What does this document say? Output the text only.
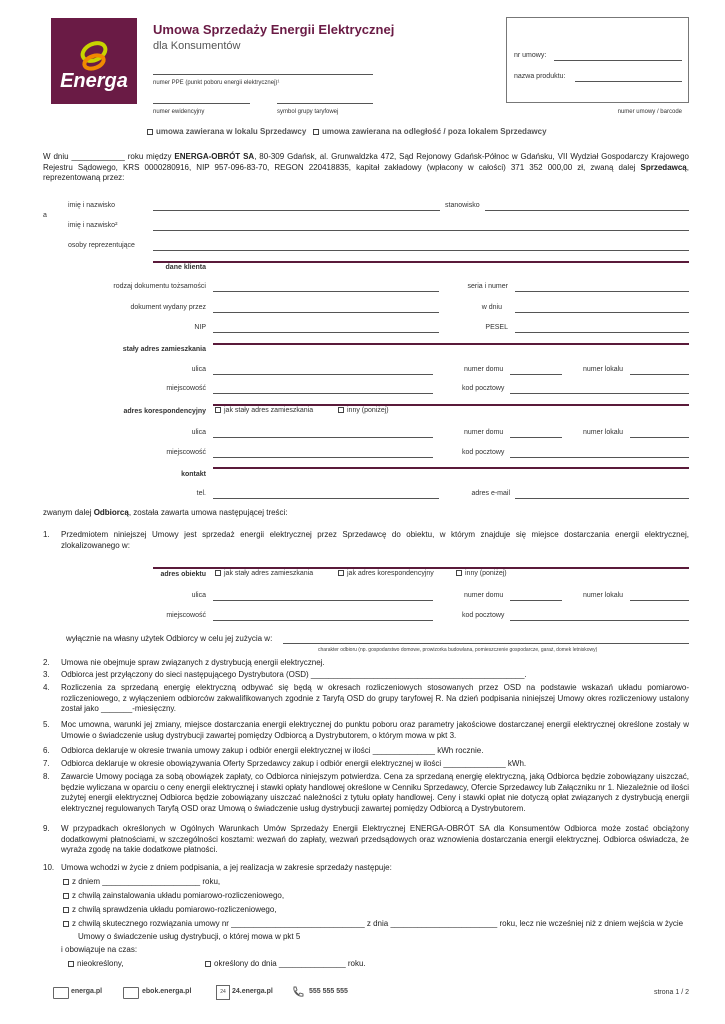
Energa
Umowa Sprzedaży Energii Elektrycznej
dla Konsumentów
numer PPE (punkt poboru energii elektrycznej)¹
numer ewidencyjny	symbol grupy taryfowej
nr umowy:
nazwa produktu:
numer umowy / barcode
umowa zawierana w lokalu Sprzedawcy	umowa zawierana na odległość / poza lokalem Sprzedawcy
W dniu ____________ roku między ENERGA-OBRÓT SA, 80-309 Gdańsk, al. Grunwaldzka 472, Sąd Rejonowy Gdańsk-Północ w Gdańsku, VII Wydział Gospodarczy Krajowego Rejestru Sądowego, KRS 0000280916, NIP 957-096-83-70, REGON 220418835, kapitał zakładowy (wpłacony w całości) 371 352 000,00 zł, zwaną dalej Sprzedawcą, reprezentowaną przez:
imię i nazwisko	stanowisko
a
imię i nazwisko²
osoby reprezentujące
dane klienta
rodzaj dokumentu tożsamości	seria i numer
dokument wydany przez	w dniu
NIP	PESEL
stały adres zamieszkania
ulica	numer domu	numer lokalu
miejscowość	kod pocztowy
adres korespondencyjny	jak stały adres zamieszkania	inny (poniżej)
ulica	numer domu	numer lokalu
miejscowość	kod pocztowy
kontakt
tel.	adres e-mail
zwanym dalej Odbiorcą, została zawarta umowa następującej treści:
1. Przedmiotem niniejszej Umowy jest sprzedaż energii elektrycznej przez Sprzedawcę do obiektu, w którym znajduje się miejsce dostarczania energii elektrycznej, zlokalizowanego w:
adres obiektu	jak stały adres zamieszkania	jak adres korespondencyjny	inny (poniżej)
ulica	numer domu	numer lokalu
miejscowość	kod pocztowy
wyłącznie na własny użytek Odbiorcy w celu jej zużycia w:
charakter odbioru (np. gospodarstwo domowe, prowizorka budowlana, pomieszczenie gospodarcze, garaż, domek letniskowy)
2. Umowa nie obejmuje spraw związanych z dystrybucją energii elektrycznej.
3. Odbiorca jest przyłączony do sieci następującego Dystrybutora (OSD) ________________________________________________.
4. Rozliczenia za sprzedaną energię elektryczną odbywać się będą w okresach rozliczeniowych stosowanych przez OSD na podstawie wskazań układu pomiarowo-rozliczeniowego, z wyłączeniem odbiorców zakwalifikowanych zgodnie z Taryfą OSD do grupy taryfowej R. Na dzień podpisania niniejszej Umowy okres rozliczeniowy ustalony został jako _______-miesięczny.
5. Moc umowna, warunki jej zmiany, miejsce dostarczania energii elektrycznej do punktu poboru oraz parametry jakościowe dostarczanej energii elektrycznej określone zostały w Umowie o świadczenie usług dystrybucji zawartej pomiędzy Odbiorcą a Dystrybutorem, o którym mowa w pkt 3.
6. Odbiorca deklaruje w okresie trwania umowy zakup i odbiór energii elektrycznej w ilości ______________ kWh rocznie.
7. Odbiorca deklaruje w okresie obowiązywania Oferty Sprzedawcy zakup i odbiór energii elektrycznej w ilości ______________ kWh.
8. Zawarcie Umowy pociąga za sobą obowiązek zapłaty, co Odbiorca niniejszym potwierdza. Cena za sprzedaną energię elektryczną, jaką Odbiorca będzie zobowiązany uiszczać, będzie wyliczana w oparciu o ceny energii elektrycznej i stawki opłaty handlowej określone w Cenniku Sprzedawcy, Ofercie Sprzedawcy lub Załączniku nr 1. Niezależnie od ilości zużytej energii elektrycznej Odbiorca będzie zobowiązany uiszczać należności z tytułu opłaty handlowej. Ceny i stawki opłat nie dotyczą opłat związanych z dystrybucją energii elektrycznej regulowanych Taryfą OSD oraz Umową o świadczenie usług dystrybucji zawartej pomiędzy Odbiorcą a Dystrybutorem.
9. W przypadkach określonych w Ogólnych Warunkach Umów Sprzedaży Energii Elektrycznej ENERGA-OBRÓT SA dla Konsumentów Odbiorca może zostać obciążony dodatkowymi płatnościami, w szczególności kosztami: wezwań do zapłaty, wezwań przedsądowych oraz wznowienia dostarczania energii elektrycznej. Odbiorca oświadcza, że wyraża zgodę na takie dodatkowe płatności.
10. Umowa wchodzi w życie z dniem podpisania, a jej realizacja w zakresie sprzedaży następuje:
z dniem ______________________ roku,
z chwilą zainstalowania układu pomiarowo-rozliczeniowego,
z chwilą sprawdzenia układu pomiarowo-rozliczeniowego,
z chwilą skutecznego rozwiązania umowy nr ______________________________ z dnia ________________________ roku, lecz nie wcześniej niż z dniem wejścia w życie
Umowy o świadczenie usług dystrybucji, o której mowa w pkt 5
i obowiązuje na czas:
nieokreślony,	określony do dnia _______________ roku.
energa.pl	ebok.energa.pl	24 24.energa.pl	555 555 555	strona 1 / 2
